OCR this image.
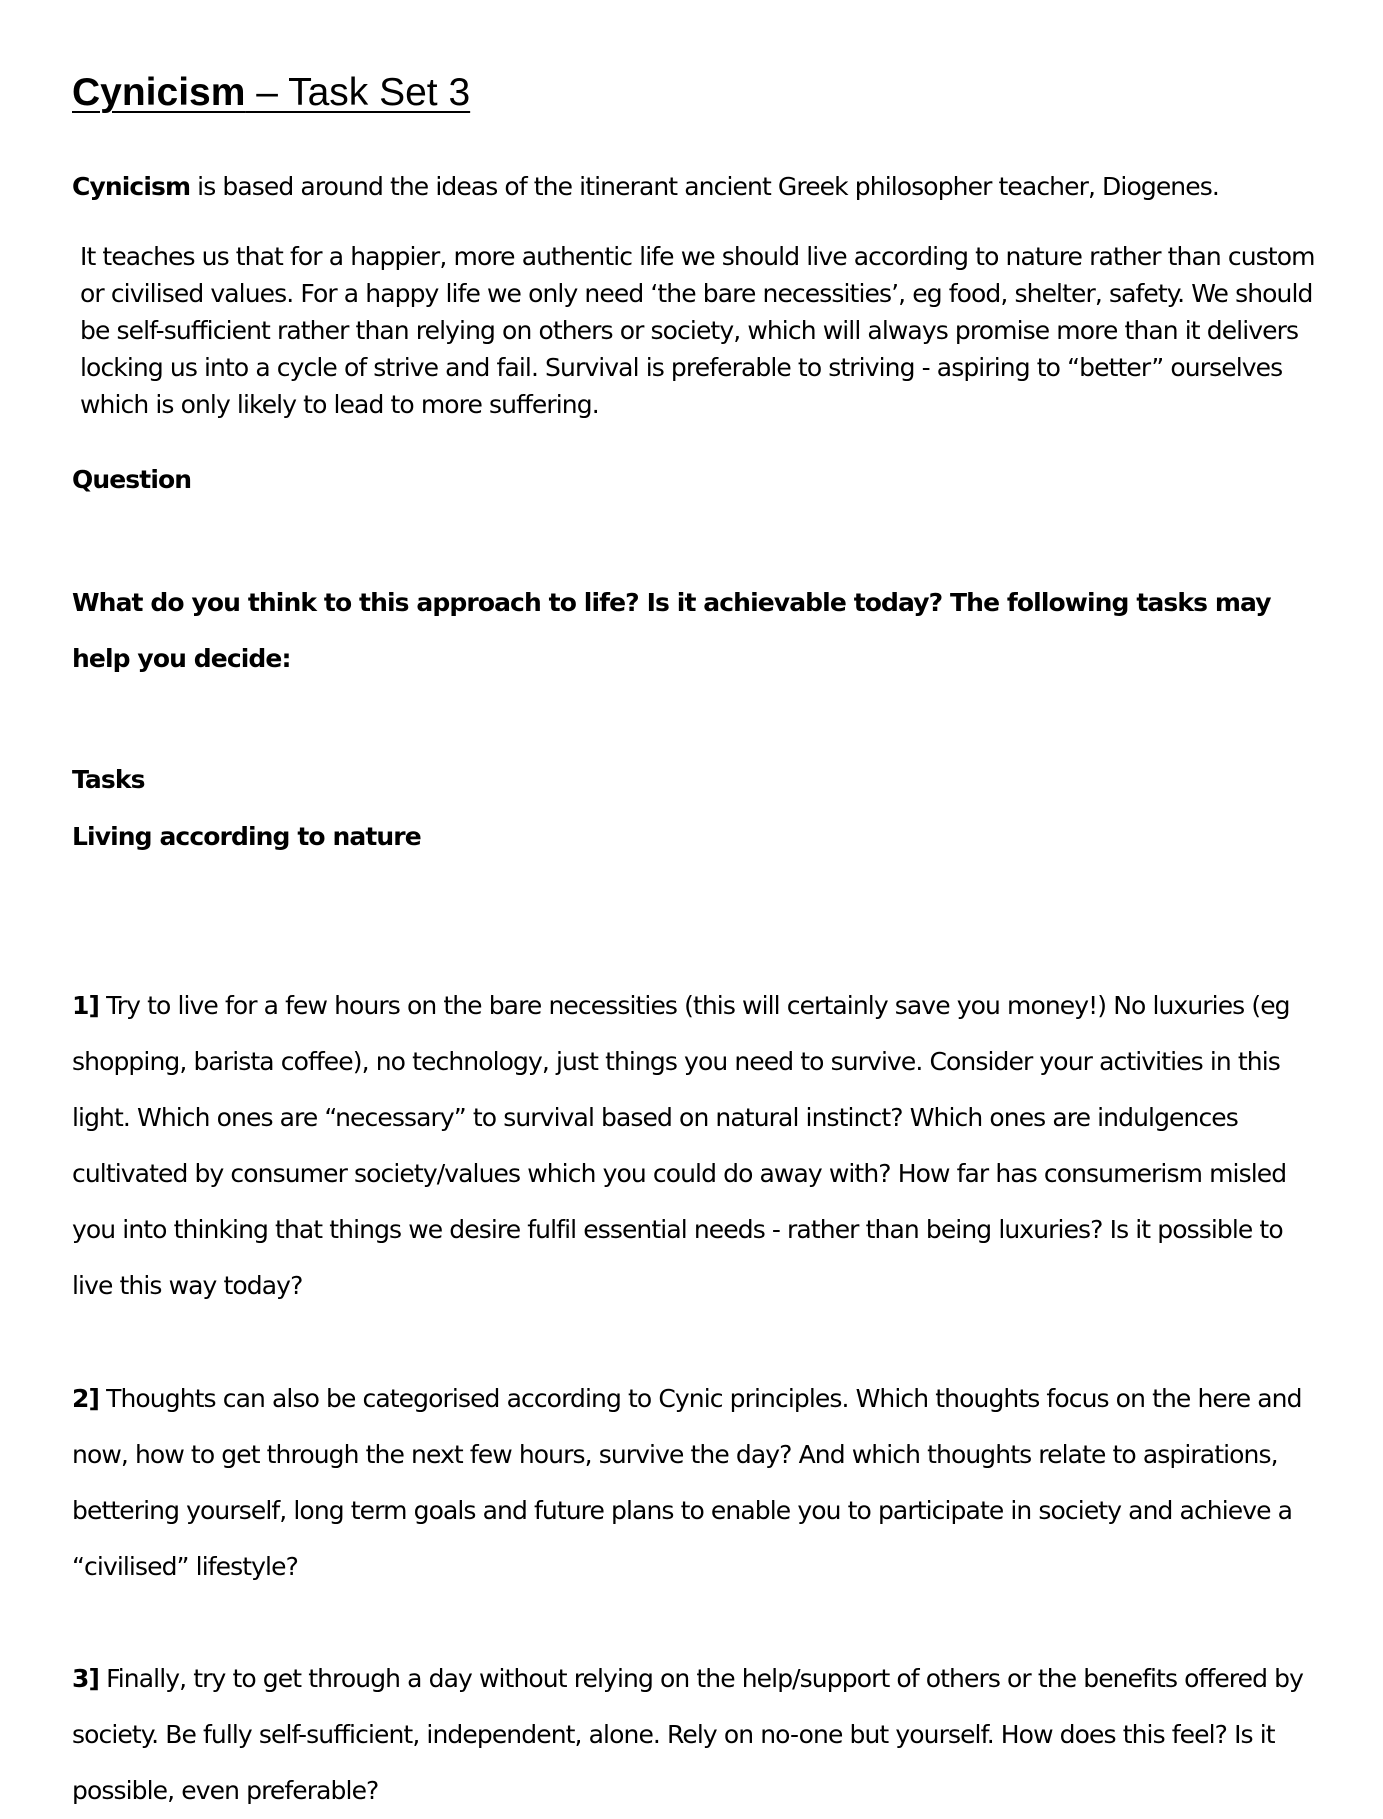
Cynicism – Task Set 3

Cynicism is based around the ideas of the itinerant ancient Greek philosopher teacher, Diogenes.

It teaches us that for a happier, more authentic life we should live according to nature rather than custom or civilised values. For a happy life we only need ‘the bare necessities’, eg food, shelter, safety. We should be self-sufficient rather than relying on others or society, which will always promise more than it delivers locking us into a cycle of strive and fail. Survival is preferable to striving - aspiring to “better” ourselves which is only likely to lead to more suffering.

Question

What do you think to this approach to life? Is it achievable today? The following tasks may help you decide:

Tasks

Living according to nature

1] Try to live for a few hours on the bare necessities (this will certainly save you money!) No luxuries (eg shopping, barista coffee), no technology, just things you need to survive. Consider your activities in this light. Which ones are “necessary” to survival based on natural instinct? Which ones are indulgences cultivated by consumer society/values which you could do away with? How far has consumerism misled you into thinking that things we desire fulfil essential needs - rather than being luxuries? Is it possible to live this way today?

2] Thoughts can also be categorised according to Cynic principles. Which thoughts focus on the here and now, how to get through the next few hours, survive the day? And which thoughts relate to aspirations, bettering yourself, long term goals and future plans to enable you to participate in society and achieve a “civilised” lifestyle?

3] Finally, try to get through a day without relying on the help/support of others or the benefits offered by society. Be fully self-sufficient, independent, alone. Rely on no-one but yourself. How does this feel? Is it possible, even preferable?
